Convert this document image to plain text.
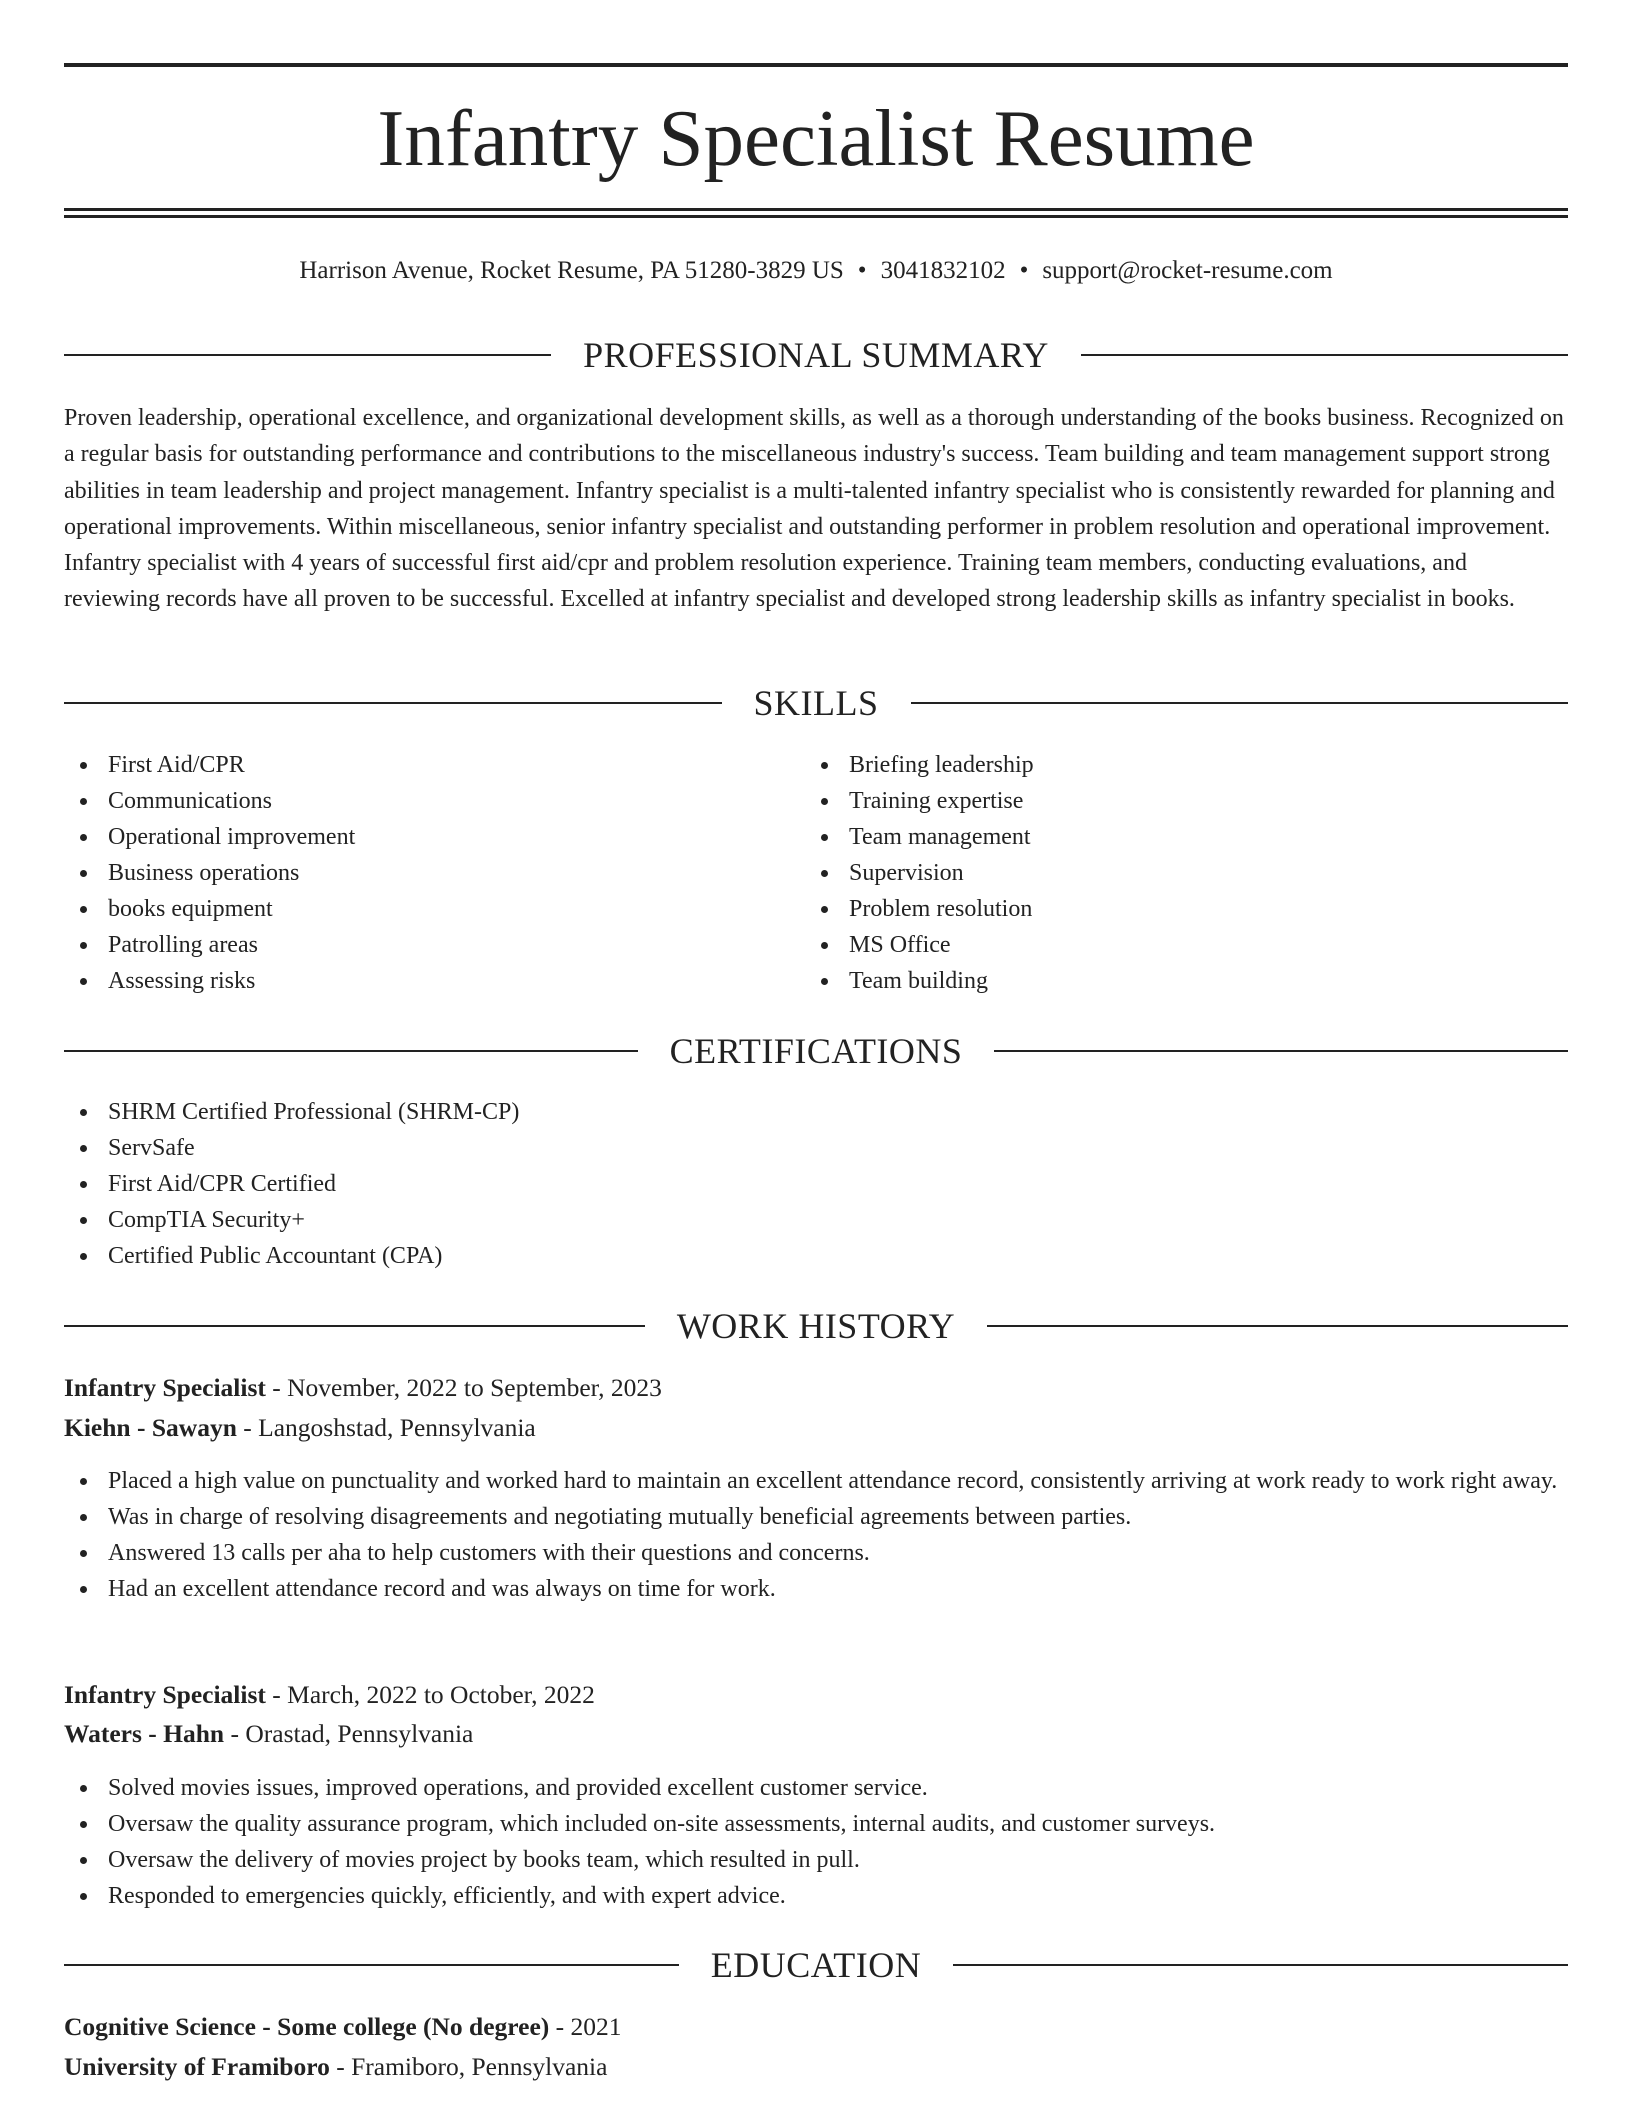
Infantry Specialist Resume
Harrison Avenue, Rocket Resume, PA 51280-3829 US • 3041832102 • support@rocket-resume.com
PROFESSIONAL SUMMARY

Proven leadership, operational excellence, and organizational development skills, as well as a thorough understanding of the books business. Recognized on a regular basis for outstanding performance and contributions to the miscellaneous industry's success. Team building and team management support strong abilities in team leadership and project management. Infantry specialist is a multi-talented infantry specialist who is consistently rewarded for planning and operational improvements. Within miscellaneous, senior infantry specialist and outstanding performer in problem resolution and operational improvement. Infantry specialist with 4 years of successful first aid/cpr and problem resolution experience. Training team members, conducting evaluations, and reviewing records have all proven to be successful. Excelled at infantry specialist and developed strong leadership skills as infantry specialist in books.

SKILLS
First Aid/CPR
Communications
Operational improvement
Business operations
books equipment
Patrolling areas
Assessing risks
Briefing leadership
Training expertise
Team management
Supervision
Problem resolution
MS Office
Team building
CERTIFICATIONS
SHRM Certified Professional (SHRM-CP)
ServSafe
First Aid/CPR Certified
CompTIA Security+
Certified Public Accountant (CPA)
WORK HISTORY
Infantry Specialist - November, 2022 to September, 2023
Kiehn - Sawayn - Langoshstad, Pennsylvania
Placed a high value on punctuality and worked hard to maintain an excellent attendance record, consistently arriving at work ready to work right away.
Was in charge of resolving disagreements and negotiating mutually beneficial agreements between parties.
Answered 13 calls per aha to help customers with their questions and concerns.
Had an excellent attendance record and was always on time for work.
Infantry Specialist - March, 2022 to October, 2022
Waters - Hahn - Orastad, Pennsylvania
Solved movies issues, improved operations, and provided excellent customer service.
Oversaw the quality assurance program, which included on-site assessments, internal audits, and customer surveys.
Oversaw the delivery of movies project by books team, which resulted in pull.
Responded to emergencies quickly, efficiently, and with expert advice.
EDUCATION
Cognitive Science - Some college (No degree) - 2021
University of Framiboro - Framiboro, Pennsylvania
